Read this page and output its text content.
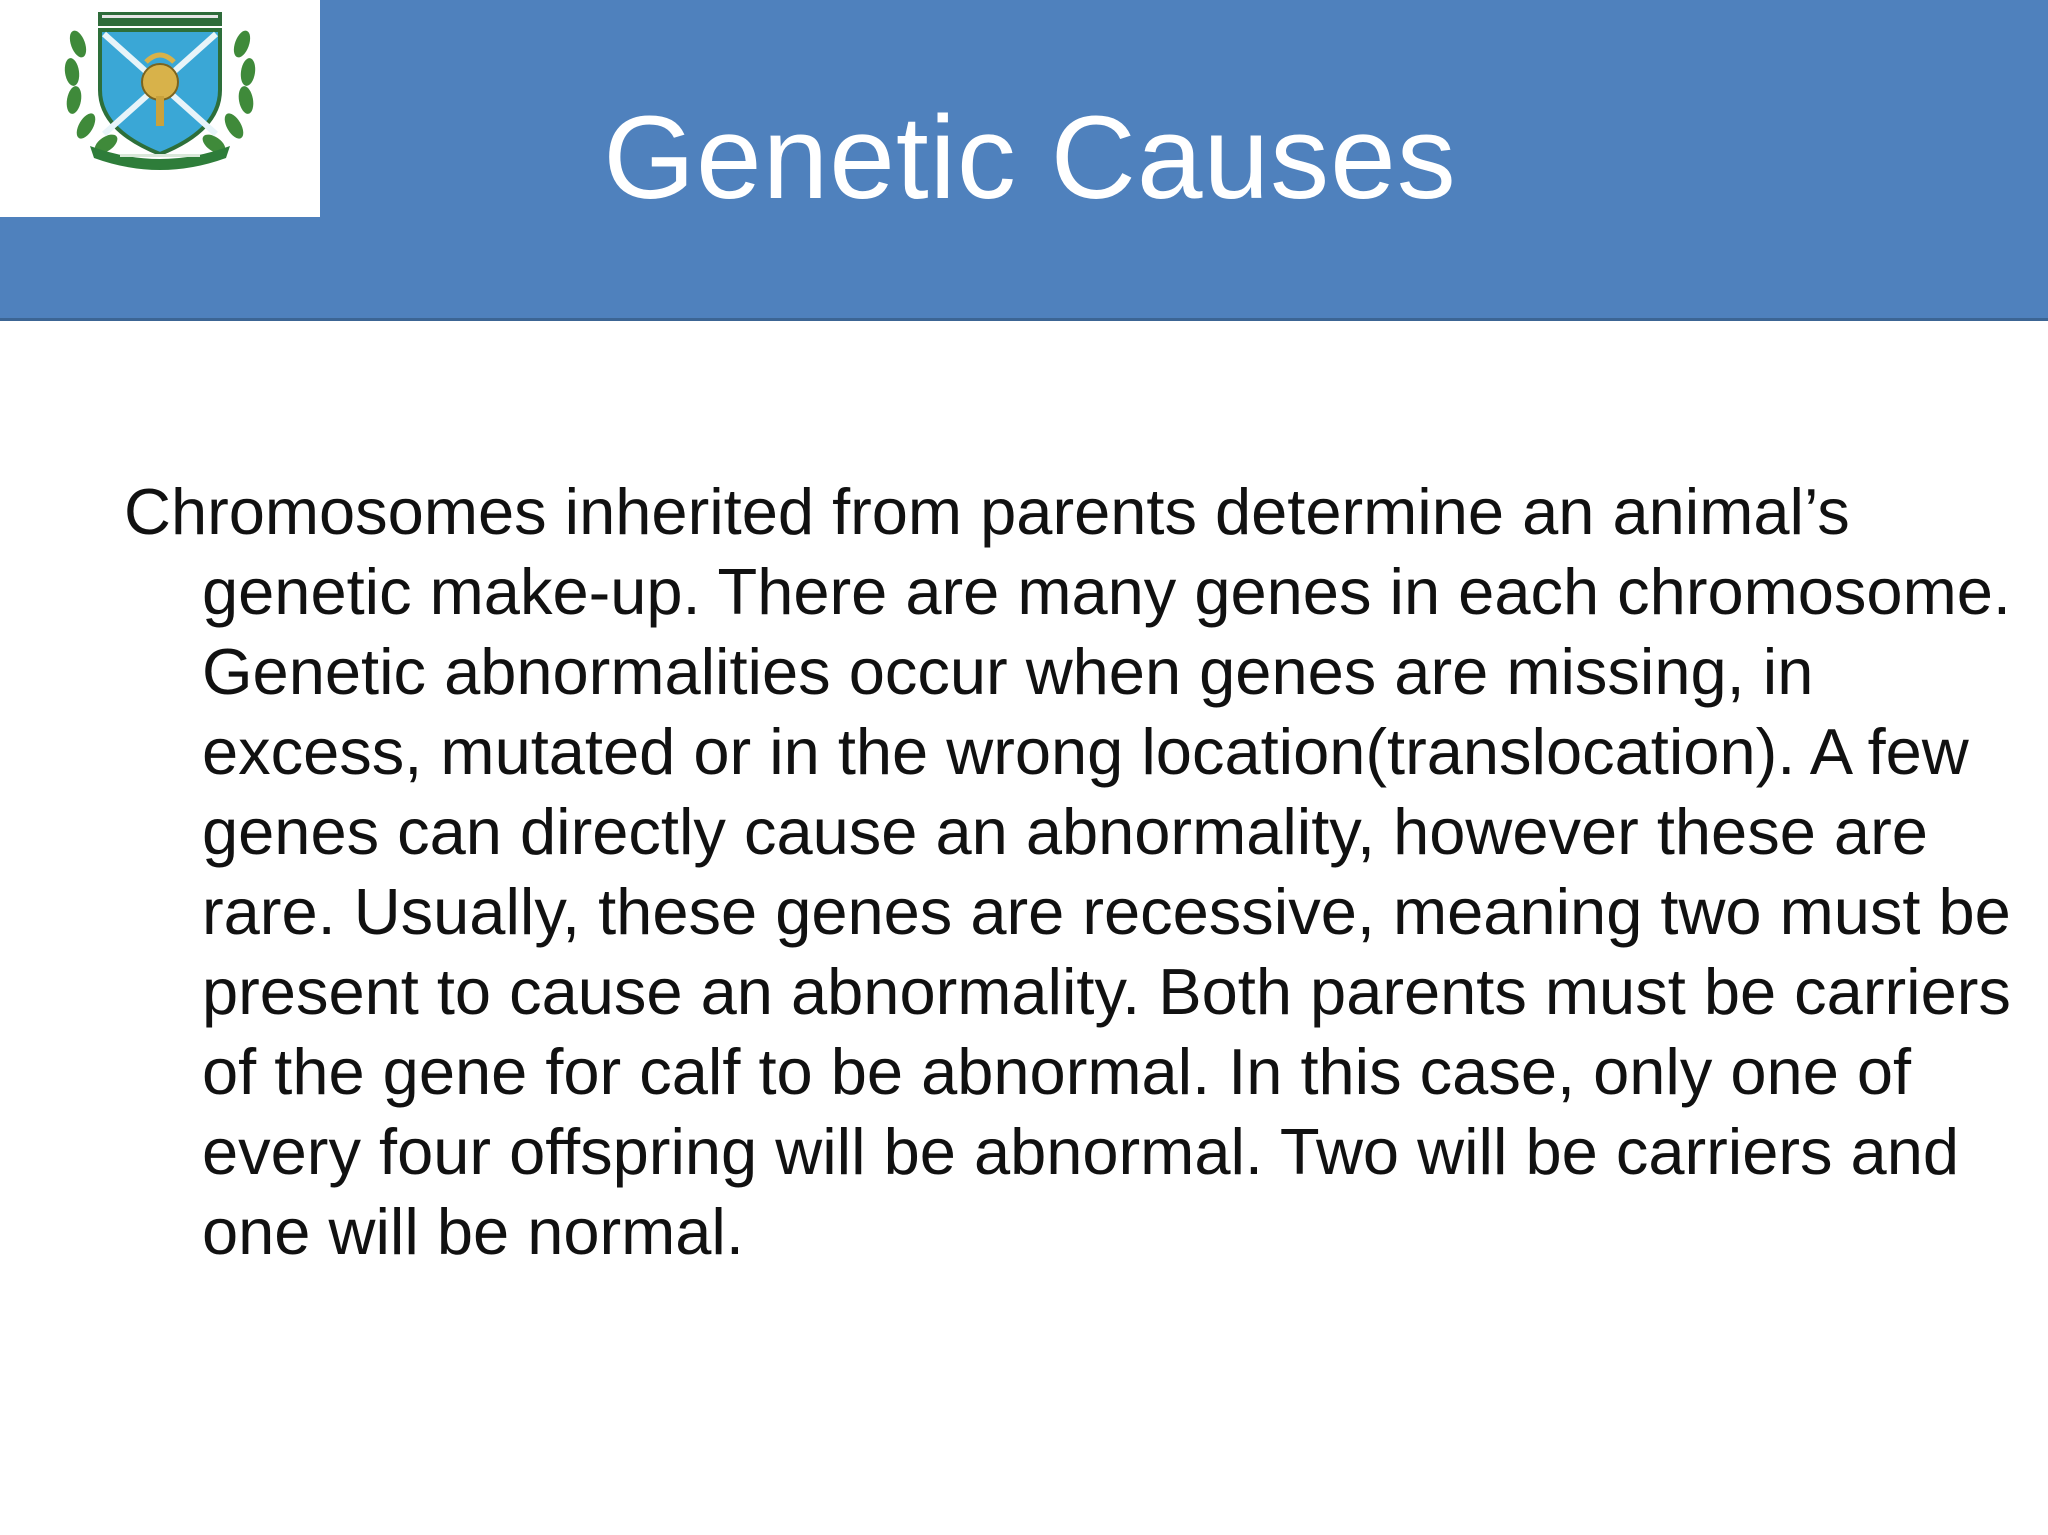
Genetic Causes

Chromosomes inherited from parents determine an animal’s genetic make-up. There are many genes in each chromosome. Genetic abnormalities occur when genes are missing, in excess, mutated or in the wrong location(translocation). A few genes can directly cause an abnormality, however these are rare. Usually, these genes are recessive, meaning two must be present to cause an abnormality. Both parents must be carriers of the gene for calf to be abnormal. In this case, only one of every four offspring will be abnormal. Two will be carriers and one will be normal.
